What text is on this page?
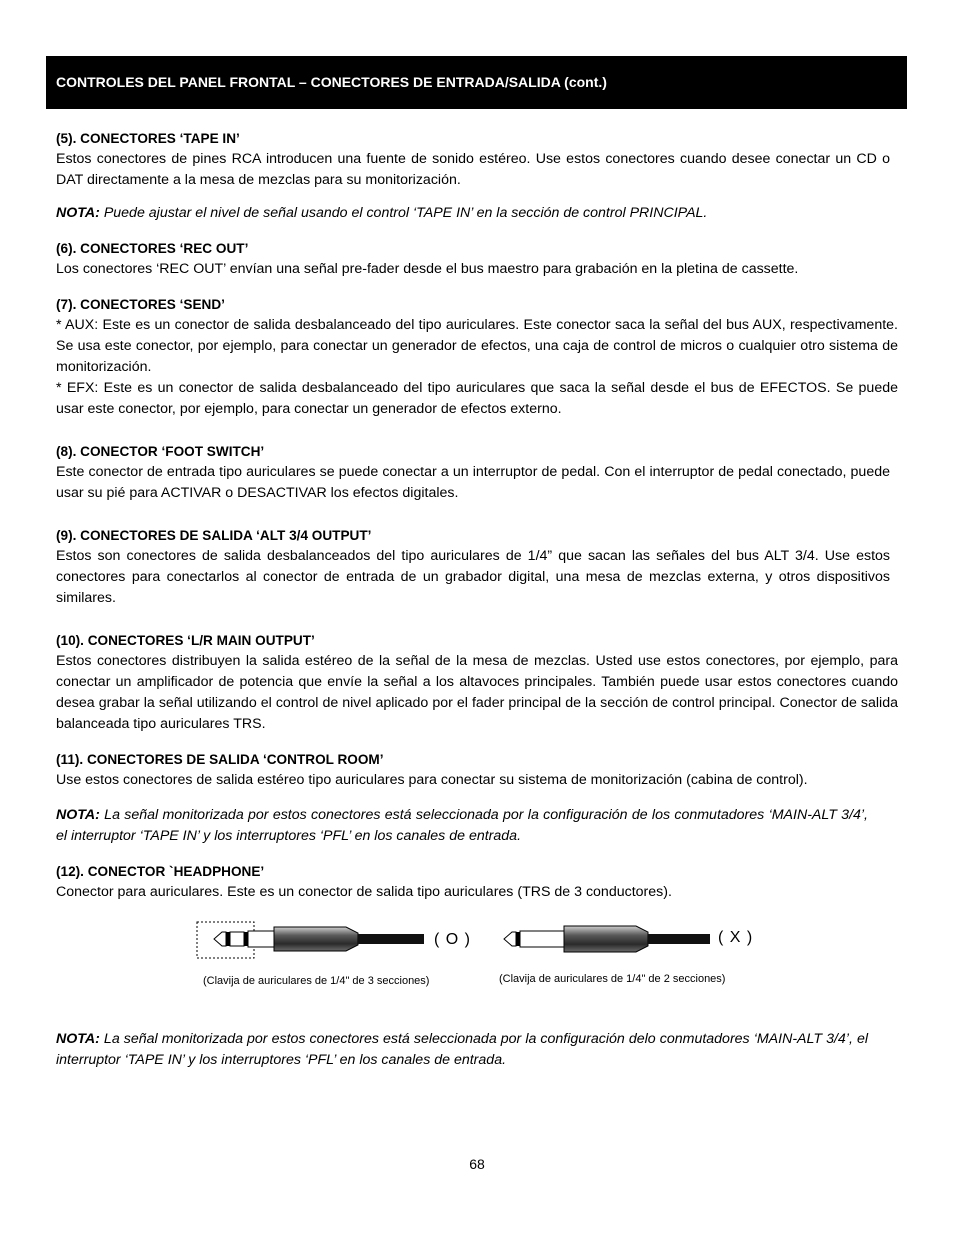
CONTROLES DEL PANEL FRONTAL – CONECTORES DE ENTRADA/SALIDA (cont.)

(5). CONECTORES ‘TAPE IN’

Estos conectores de pines RCA introducen una fuente de sonido estéreo. Use estos conectores cuando desee conectar un CD o DAT directamente a la mesa de mezclas para su monitorización.

NOTA: Puede ajustar el nivel de señal usando el control ‘TAPE IN’ en la sección de control PRINCIPAL.

(6). CONECTORES ‘REC OUT’

Los conectores ‘REC OUT’ envían una señal pre-fader desde el bus maestro para grabación en la pletina de cassette.

(7). CONECTORES ‘SEND’

* AUX: Este es un conector de salida desbalanceado del tipo auriculares. Este conector saca la señal del bus AUX, respectivamente. Se usa este conector, por ejemplo, para conectar un generador de efectos, una caja de control de micros o cualquier otro sistema de monitorización.

* EFX: Este es un conector de salida desbalanceado del tipo auriculares que saca la señal desde el bus de EFECTOS. Se puede usar este conector, por ejemplo, para conectar un generador de efectos externo.

(8). CONECTOR ‘FOOT SWITCH’

Este conector de entrada tipo auriculares se puede conectar a un interruptor de pedal. Con el interruptor de pedal conectado, puede usar su pié para ACTIVAR o DESACTIVAR los efectos digitales.

(9). CONECTORES DE SALIDA ‘ALT 3/4 OUTPUT’

Estos son conectores de salida desbalanceados del tipo auriculares de 1/4” que sacan las señales del bus ALT 3/4. Use estos conectores para conectarlos al conector de entrada de un grabador digital, una mesa de mezclas externa, y otros dispositivos similares.

(10). CONECTORES ‘L/R MAIN OUTPUT’

Estos conectores distribuyen la salida estéreo de la señal de la mesa de mezclas. Usted use estos conectores, por ejemplo, para conectar un amplificador de potencia que envíe la señal a los altavoces principales. También puede usar estos conectores cuando desea grabar la señal utilizando el control de nivel aplicado por el fader principal de la sección de control principal. Conector de salida balanceada tipo auriculares TRS.

(11). CONECTORES DE SALIDA ‘CONTROL ROOM’

Use estos conectores de salida estéreo tipo auriculares para conectar su sistema de monitorización (cabina de control).

NOTA: La señal monitorizada por estos conectores está seleccionada por la configuración de los conmutadores ‘MAIN-ALT 3/4’, el interruptor ‘TAPE IN’ y los interruptores ‘PFL’ en los canales de entrada.

(12). CONECTOR `HEADPHONE’

Conector para auriculares. Este es un conector de salida tipo auriculares (TRS de 3 conductores).

( O )
(Clavija de auriculares de 1/4" de 3 secciones)
( X )
(Clavija de auriculares de 1/4" de 2 secciones)

NOTA: La señal monitorizada por estos conectores está seleccionada por la configuración delo conmutadores ‘MAIN-ALT 3/4’, el interruptor ‘TAPE IN’ y los interruptores ‘PFL’ en los canales de entrada.

68
